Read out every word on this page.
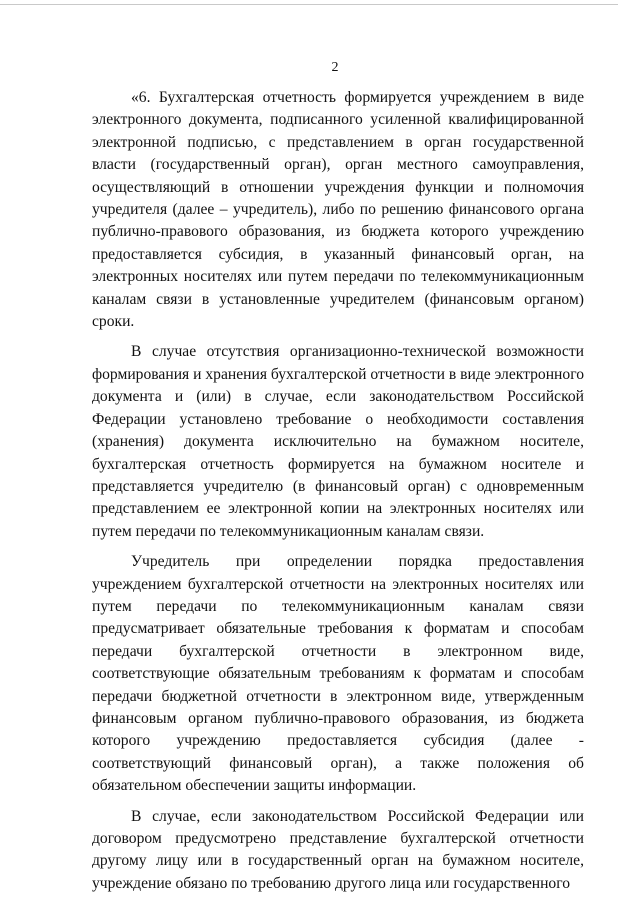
2

«6. Бухгалтерская отчетность формируется учреждением в виде электронного документа, подписанного усиленной квалифицированной электронной подписью, с представлением в орган государственной власти (государственный орган), орган местного самоуправления, осуществляющий в отношении учреждения функции и полномочия учредителя (далее – учредитель), либо по решению финансового органа публично-правового образования, из бюджета которого учреждению предоставляется субсидия, в указанный финансовый орган, на электронных носителях или путем передачи по телекоммуникационным каналам связи в установленные учредителем (финансовым органом) сроки.

В случае отсутствия организационно-технической возможности формирования и хранения бухгалтерской отчетности в виде электронного документа и (или) в случае, если законодательством Российской Федерации установлено требование о необходимости составления (хранения) документа исключительно на бумажном носителе, бухгалтерская отчетность формируется на бумажном носителе и представляется учредителю (в финансовый орган) с одновременным представлением ее электронной копии на электронных носителях или путем передачи по телекоммуникационным каналам связи.

Учредитель при определении порядка предоставления учреждением бухгалтерской отчетности на электронных носителях или путем передачи по телекоммуникационным каналам связи предусматривает обязательные требования к форматам и способам передачи бухгалтерской отчетности в электронном виде, соответствующие обязательным требованиям к форматам и способам передачи бюджетной отчетности в электронном виде, утвержденным финансовым органом публично-правового образования, из бюджета которого учреждению предоставляется субсидия (далее - соответствующий финансовый орган), а также положения об обязательном обеспечении защиты информации.

В случае, если законодательством Российской Федерации или договором предусмотрено представление бухгалтерской отчетности другому лицу или в государственный орган на бумажном носителе, учреждение обязано по требованию другого лица или государственного
